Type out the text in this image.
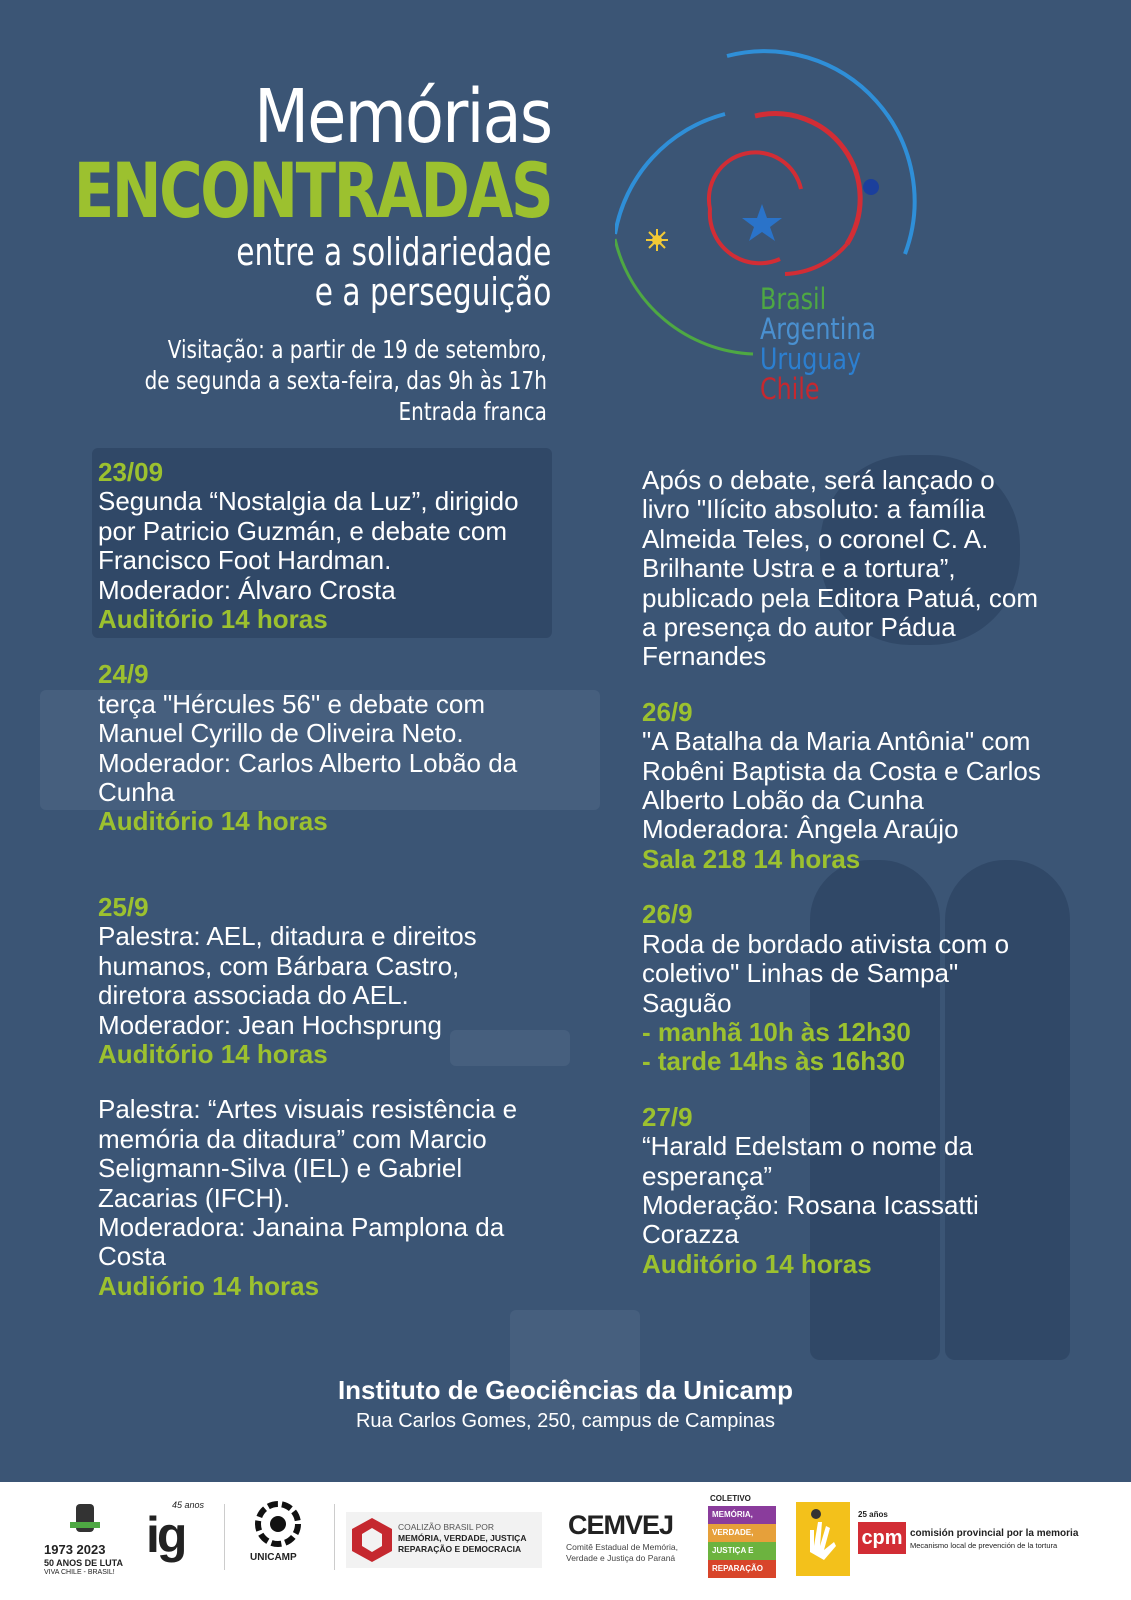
Memórias
ENCONTRADAS
entre a solidariedade
e a perseguição
Visitação: a partir de 19 de setembro,
de segunda a sexta-feira, das 9h às 17h
Entrada franca
Brasil
Argentina
Uruguay
Chile
23/09
Segunda “Nostalgia da Luz”, dirigido
por Patricio Guzmán, e debate com
Francisco Foot Hardman.
Moderador: Álvaro Crosta
Auditório 14 horas
24/9
terça "Hércules 56" e debate com
Manuel Cyrillo de Oliveira Neto.
Moderador: Carlos Alberto Lobão da
Cunha
Auditório 14 horas
25/9
Palestra: AEL, ditadura e direitos
humanos, com Bárbara Castro,
diretora associada do AEL.
Moderador: Jean Hochsprung
Auditório 14 horas
Palestra: “Artes visuais resistência e
memória da ditadura” com Marcio
Seligmann-Silva (IEL) e Gabriel
Zacarias (IFCH).
Moderadora: Janaina Pamplona da
Costa
Audiório 14 horas
Após o debate, será lançado o
livro "Ilícito absoluto: a família
Almeida Teles, o coronel C. A.
Brilhante Ustra e a tortura”,
publicado pela Editora Patuá, com
a presença do autor Pádua
Fernandes
26/9
"A Batalha da Maria Antônia" com
Robêni Baptista da Costa e Carlos
Alberto Lobão da Cunha
Moderadora: Ângela Araújo
Sala 218 14 horas
26/9
Roda de bordado ativista com o
coletivo" Linhas de Sampa"
Saguão
- manhã 10h às 12h30
- tarde 14hs às 16h30
27/9
“Harald Edelstam o nome da
esperança”
Moderação: Rosana Icassatti
Corazza
Auditório 14 horas
Instituto de Geociências da Unicamp
Rua Carlos Gomes, 250, campus de Campinas
1973 2023
50 ANOS DE LUTA
VIVA CHILE - BRASIL!
ig
45 anos
UNICAMP
COALIZÃO BRASIL POR
MEMÓRIA, VERDADE, JUSTIÇA
REPARAÇÃO E DEMOCRACIA
CEMVEJ
Comitê Estadual de Memória,
Verdade e Justiça do Paraná
COLETIVO
MEMÓRIA,
VERDADE,
JUSTIÇA E
REPARAÇÃO
25 años
cpm comisión provincial por la memoria
Mecanismo local de prevención de la tortura
